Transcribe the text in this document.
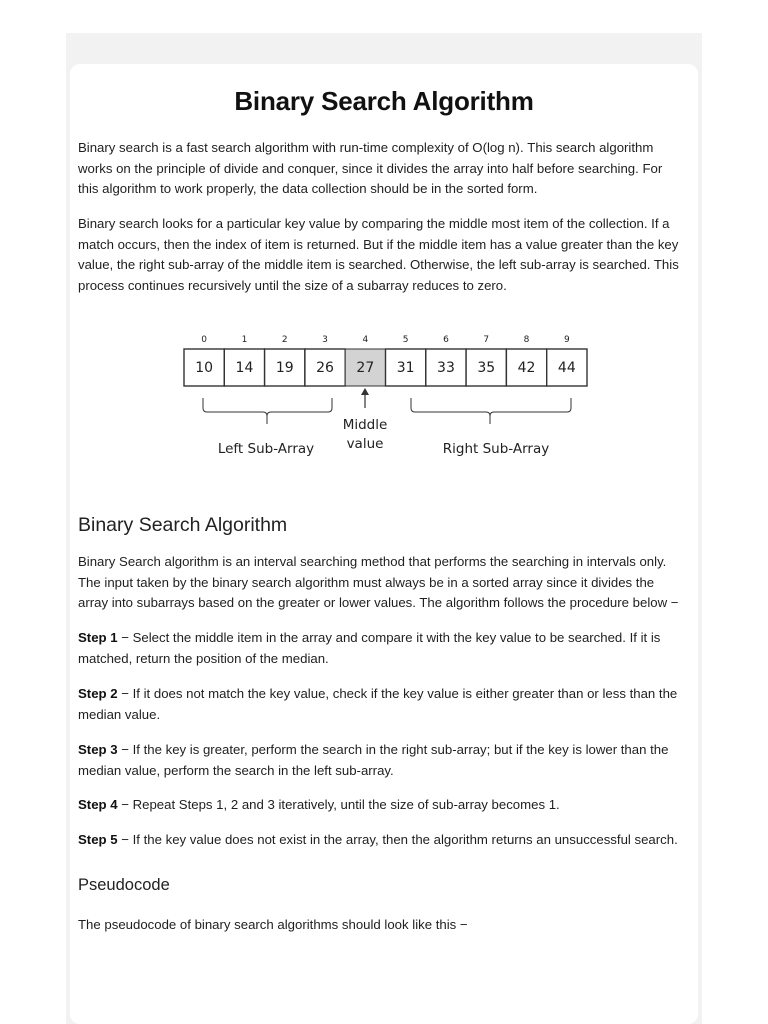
Binary Search Algorithm

Binary search is a fast search algorithm with run-time complexity of Ο(log n). This search algorithm works on the principle of divide and conquer, since it divides the array into half before searching. For this algorithm to work properly, the data collection should be in the sorted form.

Binary search looks for a particular key value by comparing the middle most item of the collection. If a match occurs, then the index of item is returned. But if the middle item has a value greater than the key value, the right sub-array of the middle item is searched. Otherwise, the left sub-array is searched. This process continues recursively until the size of a subarray reduces to zero.

10
0
14
1
19
2
26
3
27
4
31
5
33
6
35
7
42
8
44
9
Middle
value
Left Sub-Array	Right Sub-Array
Binary Search Algorithm

Binary Search algorithm is an interval searching method that performs the searching in intervals only. The input taken by the binary search algorithm must always be in a sorted array since it divides the array into subarrays based on the greater or lower values. The algorithm follows the procedure below −

Step 1 − Select the middle item in the array and compare it with the key value to be searched. If it is matched, return the position of the median.

Step 2 − If it does not match the key value, check if the key value is either greater than or less than the median value.

Step 3 − If the key is greater, perform the search in the right sub-array; but if the key is lower than the median value, perform the search in the left sub-array.

Step 4 − Repeat Steps 1, 2 and 3 iteratively, until the size of sub-array becomes 1.

Step 5 − If the key value does not exist in the array, then the algorithm returns an unsuccessful search.

Pseudocode

The pseudocode of binary search algorithms should look like this −
